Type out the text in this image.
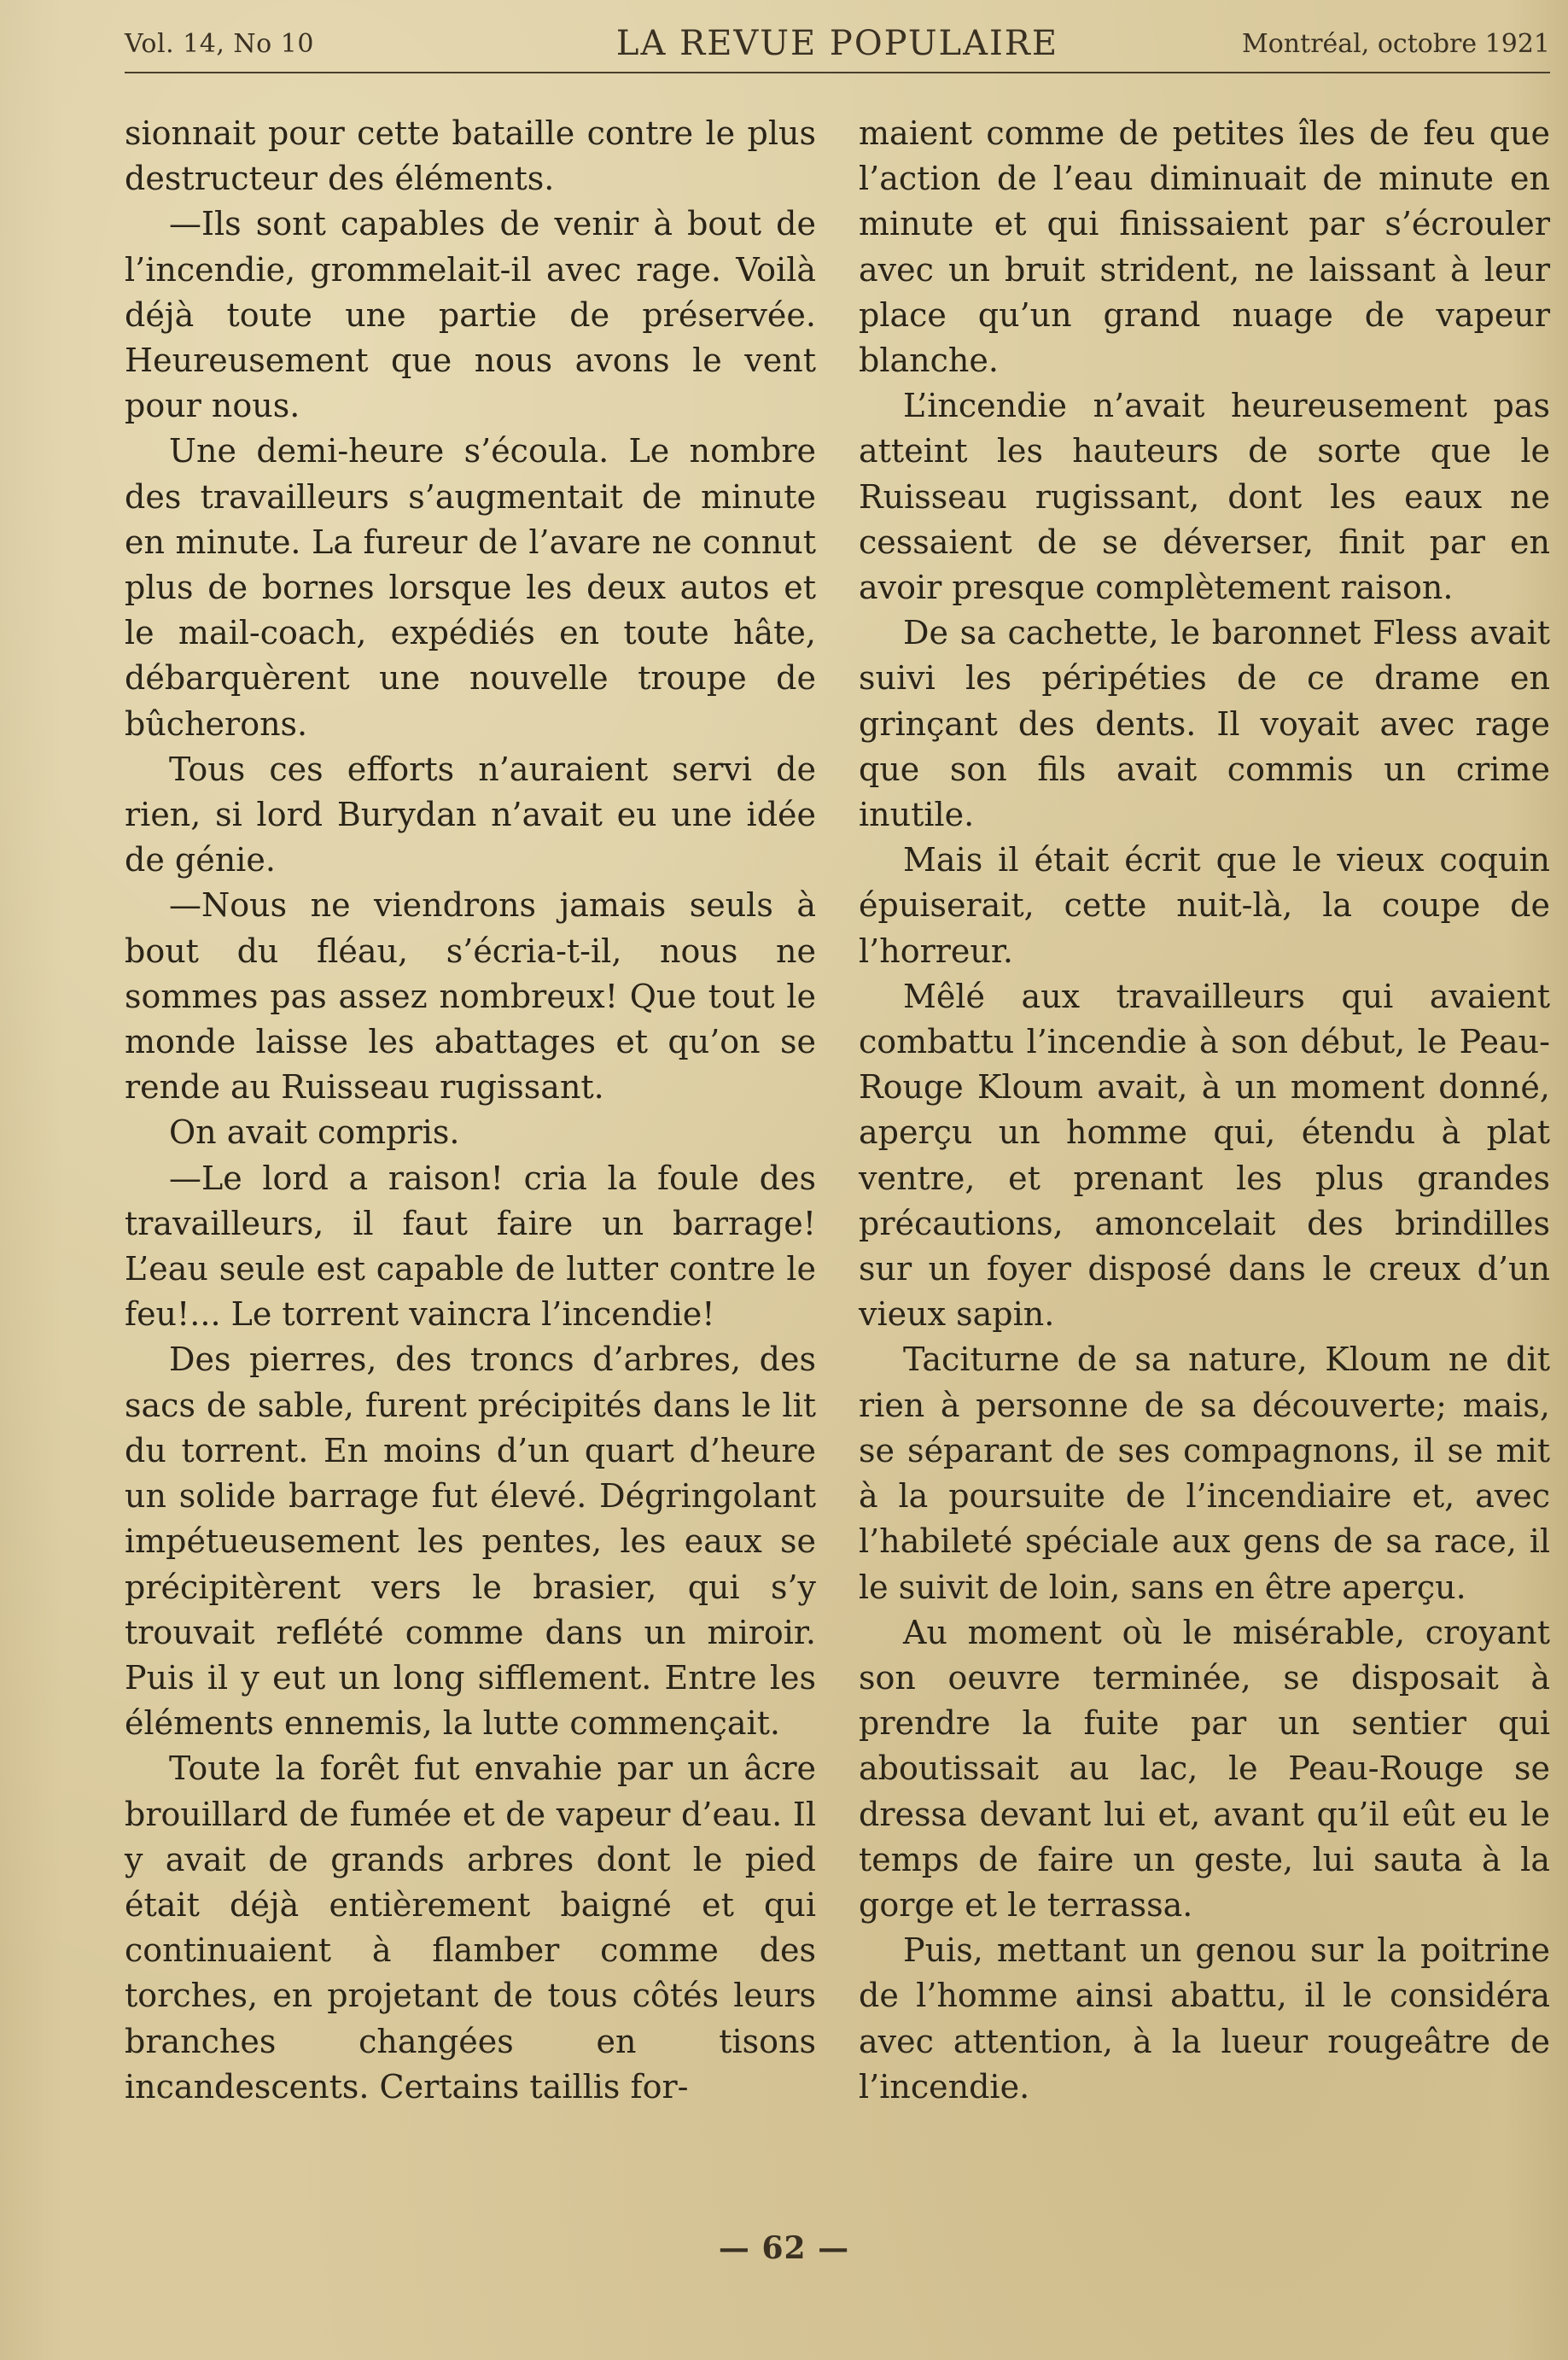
Vol. 14, No 10	LA REVUE POPULAIRE	Montréal, octobre 1921

sionnait pour cette bataille contre le plus destructeur des éléments.

—Ils sont capables de venir à bout de l’incendie, grommelait-il avec rage. Voilà déjà toute une partie de préservée. Heureusement que nous avons le vent pour nous.

Une demi-heure s’écoula. Le nombre des travailleurs s’augmentait de minute en minute. La fureur de l’avare ne connut plus de bornes lorsque les deux autos et le mail-coach, expédiés en toute hâte, débarquèrent une nouvelle troupe de bûcherons.

Tous ces efforts n’auraient servi de rien, si lord Burydan n’avait eu une idée de génie.

—Nous ne viendrons jamais seuls à bout du fléau, s’écria-t-il, nous ne sommes pas assez nombreux! Que tout le monde laisse les abattages et qu’on se rende au Ruisseau rugissant.

On avait compris.

—Le lord a raison! cria la foule des travailleurs, il faut faire un barrage! L’eau seule est capable de lutter contre le feu!... Le torrent vaincra l’incendie!

Des pierres, des troncs d’arbres, des sacs de sable, furent précipités dans le lit du torrent. En moins d’un quart d’heure un solide barrage fut élevé. Dégringolant impétueusement les pentes, les eaux se précipitèrent vers le brasier, qui s’y trouvait reflété comme dans un miroir. Puis il y eut un long sifflement. Entre les éléments ennemis, la lutte commençait.

Toute la forêt fut envahie par un âcre brouillard de fumée et de vapeur d’eau. Il y avait de grands arbres dont le pied était déjà entièrement baigné et qui continuaient à flamber comme des torches, en projetant de tous côtés leurs branches changées en tisons incandescents. Certains taillis for-

maient comme de petites îles de feu que l’action de l’eau diminuait de minute en minute et qui finissaient par s’écrouler avec un bruit strident, ne laissant à leur place qu’un grand nuage de vapeur blanche.

L’incendie n’avait heureusement pas atteint les hauteurs de sorte que le Ruisseau rugissant, dont les eaux ne cessaient de se déverser, finit par en avoir presque complètement raison.

De sa cachette, le baronnet Fless avait suivi les péripéties de ce drame en grinçant des dents. Il voyait avec rage que son fils avait commis un crime inutile.

Mais il était écrit que le vieux coquin épuiserait, cette nuit-là, la coupe de l’horreur.

Mêlé aux travailleurs qui avaient combattu l’incendie à son début, le Peau-Rouge Kloum avait, à un moment donné, aperçu un homme qui, étendu à plat ventre, et prenant les plus grandes précautions, amoncelait des brindilles sur un foyer disposé dans le creux d’un vieux sapin.

Taciturne de sa nature, Kloum ne dit rien à personne de sa découverte; mais, se séparant de ses compagnons, il se mit à la poursuite de l’incendiaire et, avec l’habileté spéciale aux gens de sa race, il le suivit de loin, sans en être aperçu.

Au moment où le misérable, croyant son oeuvre terminée, se disposait à prendre la fuite par un sentier qui aboutissait au lac, le Peau-Rouge se dressa devant lui et, avant qu’il eût eu le temps de faire un geste, lui sauta à la gorge et le terrassa.

Puis, mettant un genou sur la poitrine de l’homme ainsi abattu, il le considéra avec attention, à la lueur rougeâtre de l’incendie.

— 62 —
